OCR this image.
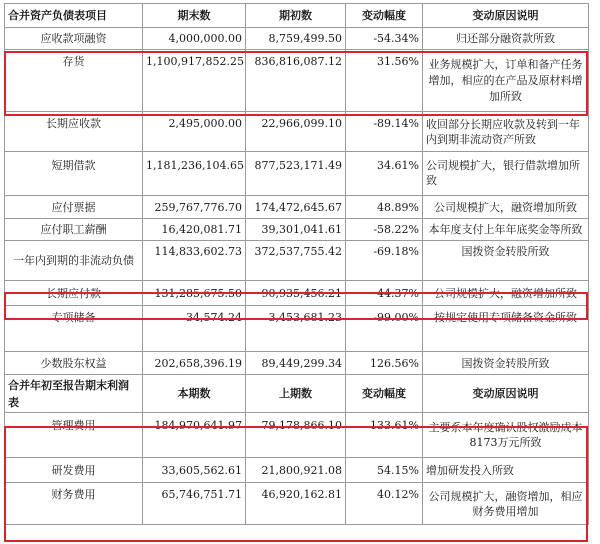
合并资产负债表项目	期末数	期初数	变动幅度	变动原因说明
应收款项融资	4,000,000.00	8,759,499.50	-54.34%	归还部分融资款所致
存货	1,100,917,852.25	836,816,087.12	31.56%	业务规模扩大，订单和备产任务增加，相应的在产品及原材料增加所致
长期应收款	2,495,000.00	22,966,099.10	-89.14%	收回部分长期应收款及转到一年内到期非流动资产所致
短期借款	1,181,236,104.65	877,523,171.49	34.61%	公司规模扩大，银行借款增加所致
应付票据	259,767,776.70	174,472,645.67	48.89%	公司规模扩大，融资增加所致
应付职工薪酬	16,420,081.71	39,301,041.61	-58.22%	本年度支付上年年底奖金等所致
一年内到期的非流动负债	114,833,602.73	372,537,755.42	-69.18%	国拨资金转股所致
长期应付款	131,285,675.50	90,935,456.21	44.37%	公司规模扩大，融资增加所致
专项储备	34,574.24	3,453,681.23	-99.00%	按规定使用专项储备资金所致
少数股东权益	202,658,396.19	89,449,299.34	126.56%	国拨资金转股所致
合并年初至报告期末利润表	本期数	上期数	变动幅度	变动原因说明
管理费用	184,970,641.97	79,178,866.10	133.61%	主要系本年度确认股权激励成本8173万元所致
研发费用	33,605,562.61	21,800,921.08	54.15%	增加研发投入所致
财务费用	65,746,751.71	46,920,162.81	40.12%	公司规模扩大，融资增加，相应财务费用增加
